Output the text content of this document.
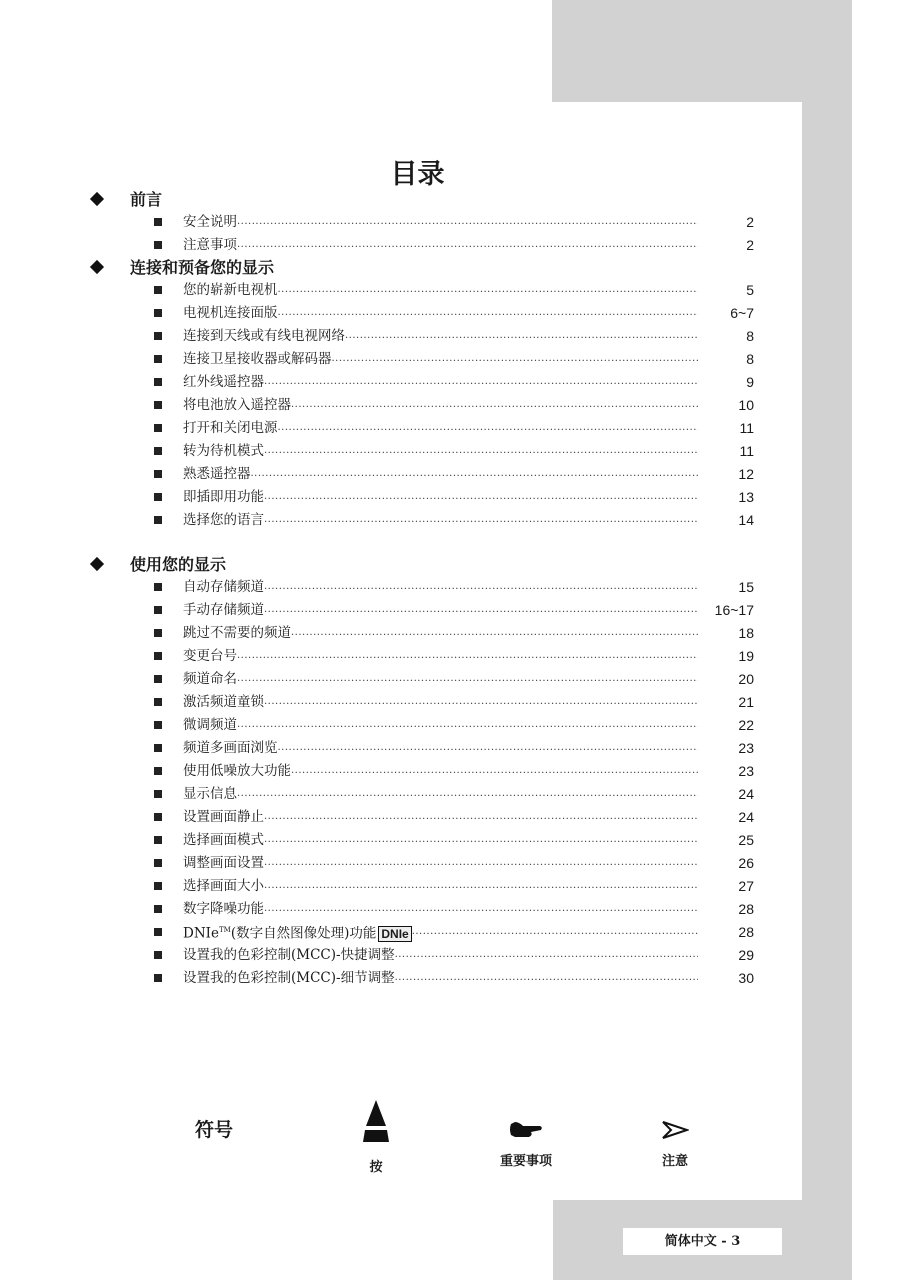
目录
前言
安全说明 .....	2
注意事项 .....	2
连接和预备您的显示
您的崭新电视机 .....	5
电视机连接面版 .....	6~7
连接到天线或有线电视网络 .....	8
连接卫星接收器或解码器 .....	8
红外线遥控器 .....	9
将电池放入遥控器 .....	10
打开和关闭电源 .....	11
转为待机模式 .....	11
熟悉遥控器 .....	12
即插即用功能 .....	13
选择您的语言 .....	14
使用您的显示
自动存储频道 .....	15
手动存储频道 .....	16~17
跳过不需要的频道 .....	18
变更台号 .....	19
频道命名 .....	20
激活频道童锁 .....	21
微调频道 .....	22
频道多画面浏览 .....	23
使用低噪放大功能 .....	23
显示信息 .....	24
设置画面静止 .....	24
选择画面模式 .....	25
调整画面设置 .....	26
选择画面大小 .....	27
数字降噪功能 .....	28
DNIe™(数字自然图像处理)功能 DNIe .....	28
设置我的色彩控制(MCC)-快捷调整 .....	29
设置我的色彩控制(MCC)-细节调整 .....	30
符号
按	重要事项	注意
简体中文 - 3
